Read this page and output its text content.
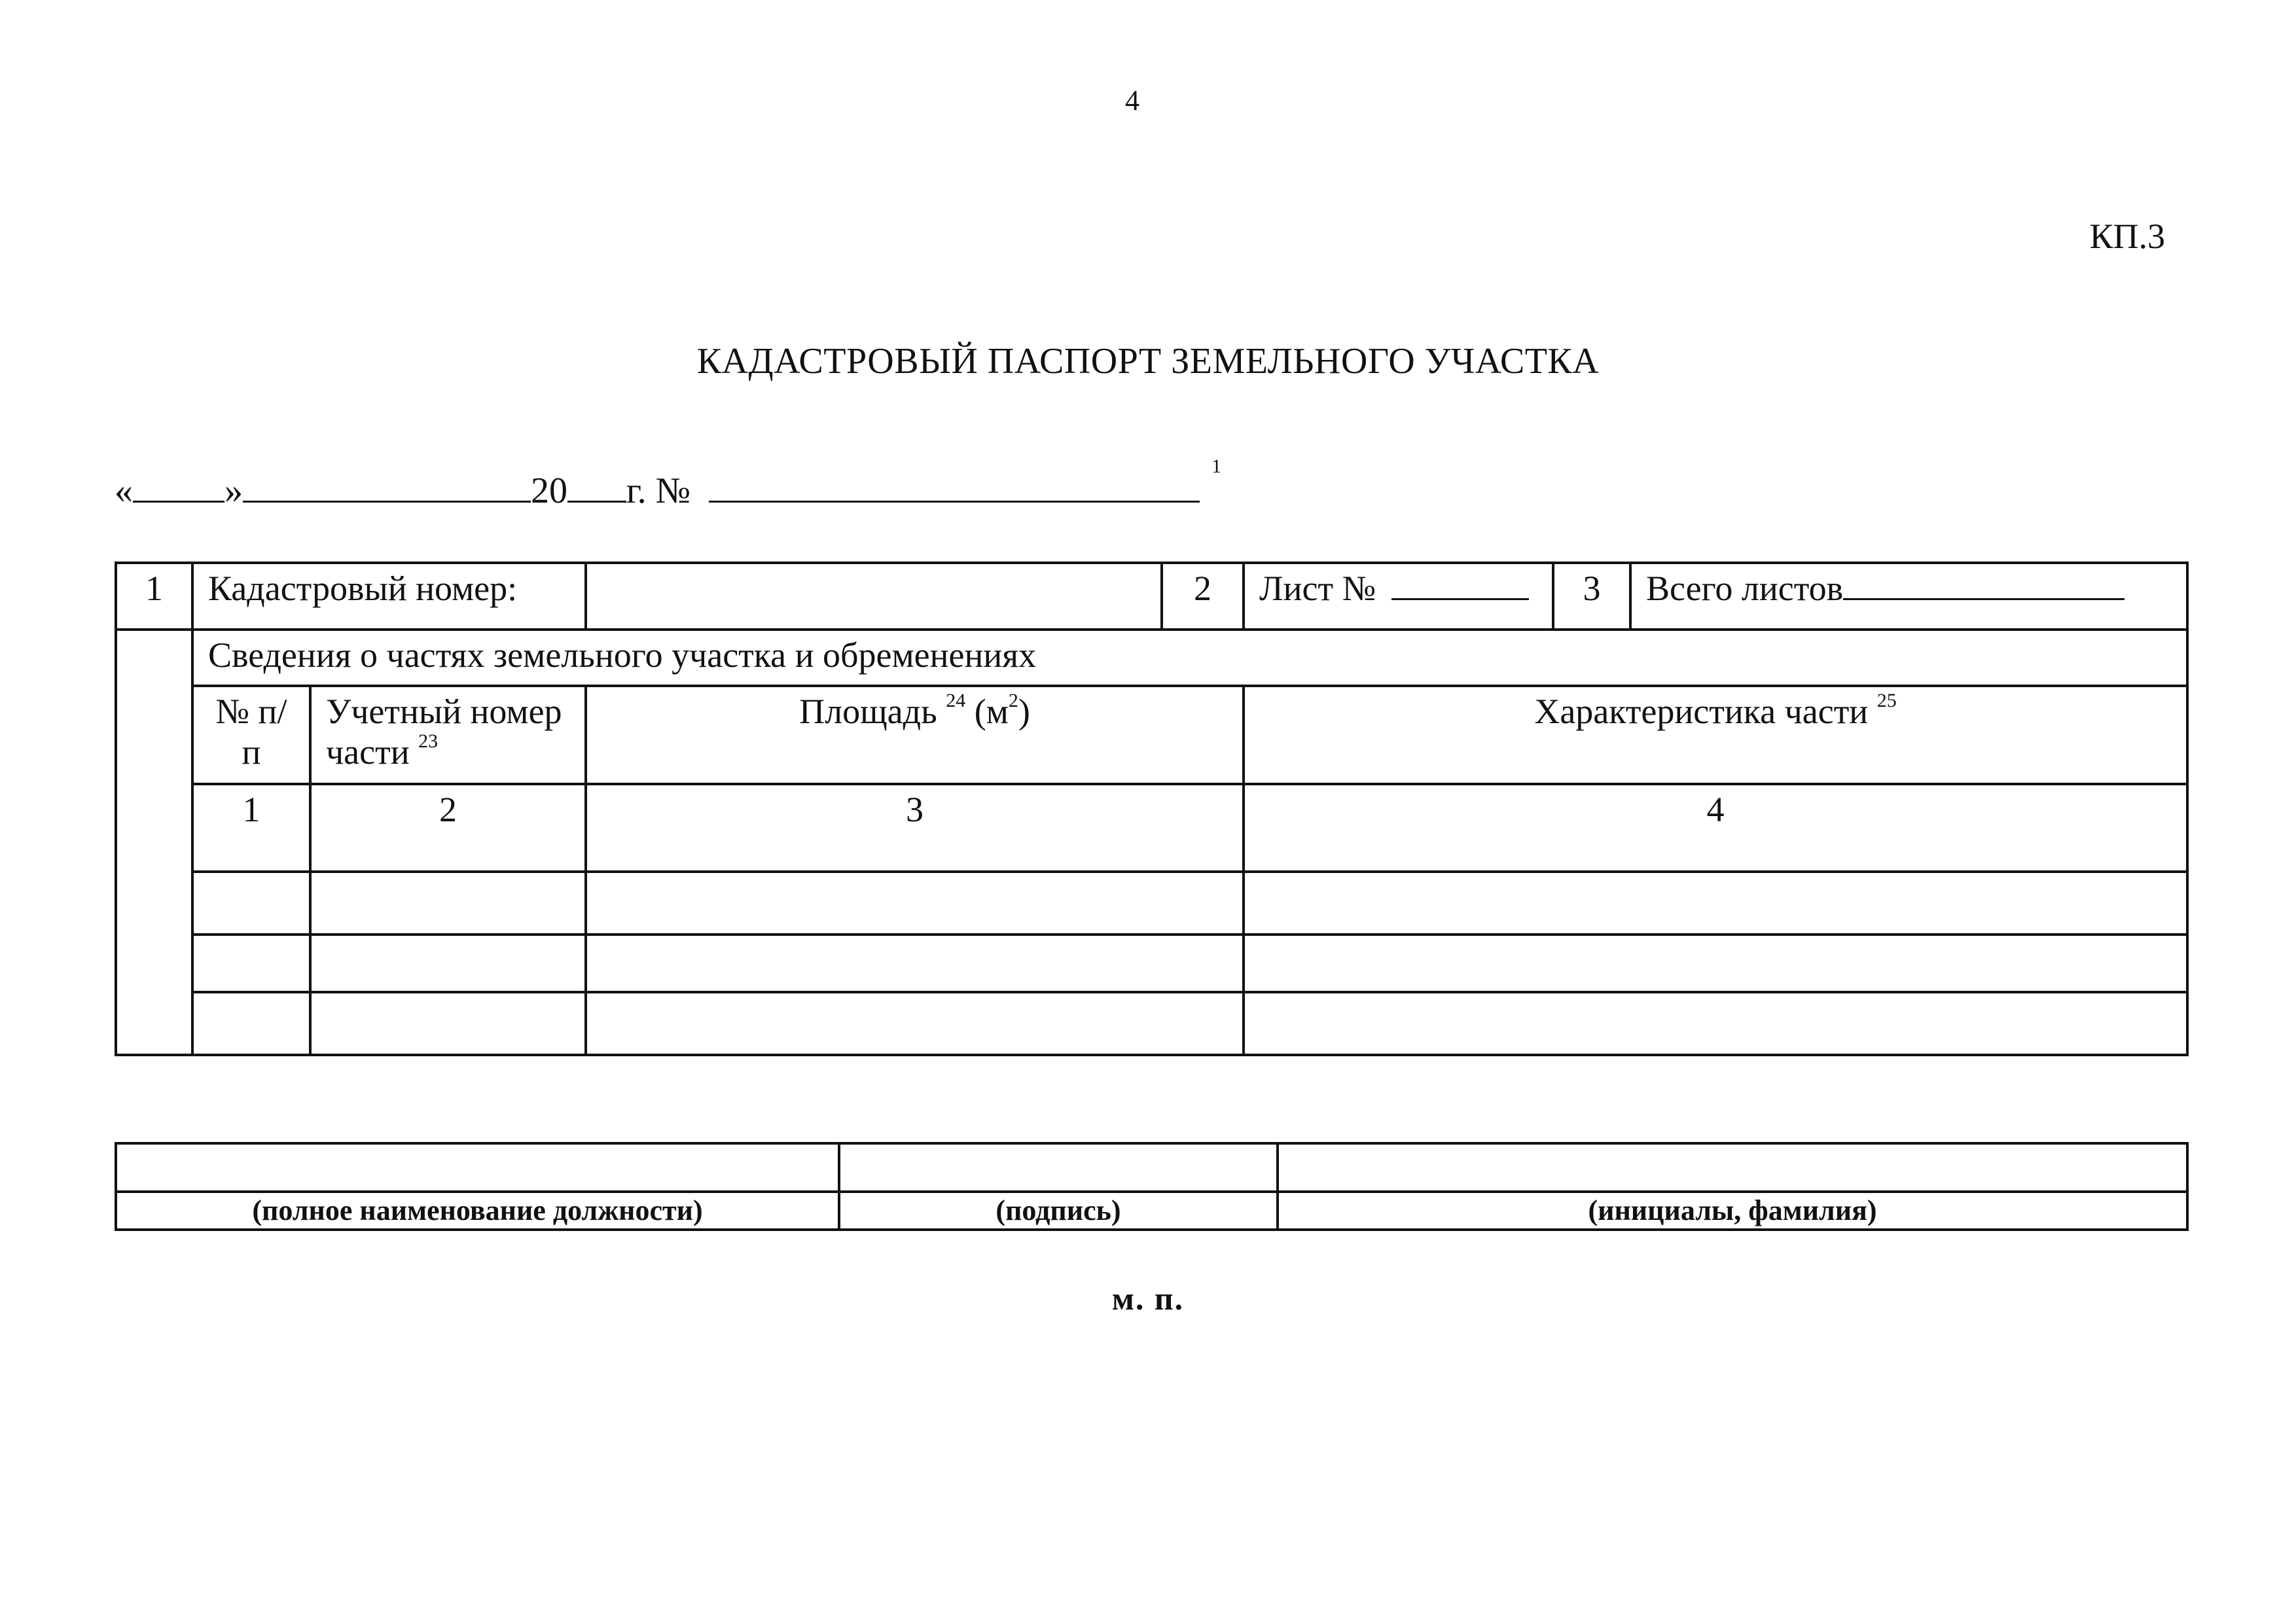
4
КП.3
КАДАСТРОВЫЙ ПАСПОРТ ЗЕМЕЛЬНОГО УЧАСТКА
«	»	20 г. № $^1$
1	Кадастровый номер:			2	Лист №	3	Всего листов
	Сведения о частях земельного участка и обременениях						
	№ п/п	Учетный номер части $^{23}$	Площадь $^{24}$ $(м^2)$		Характеристика части $^{25}$
	1	2	3		4		

(полное наименование должности)	(подпись)	(инициалы, фамилия)
м. п.
